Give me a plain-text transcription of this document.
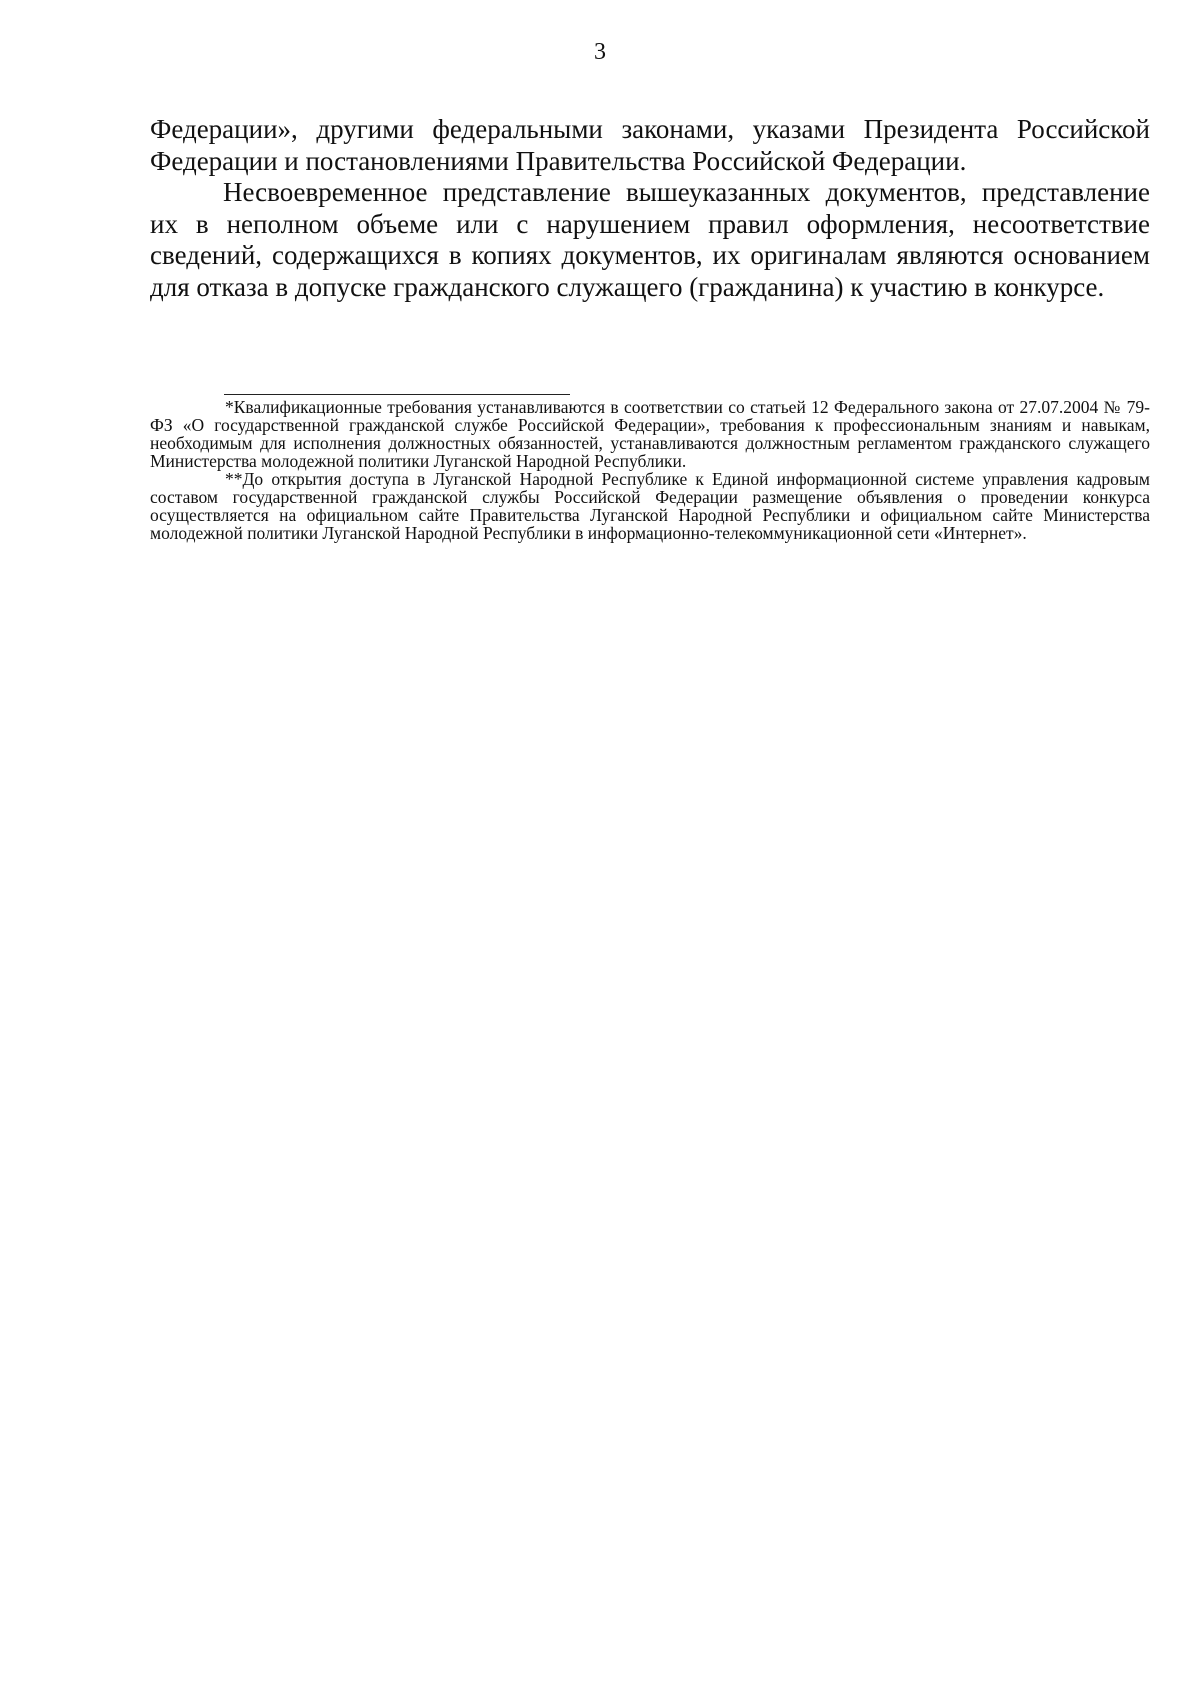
3

Федерации», другими федеральными законами, указами Президента Российской Федерации и постановлениями Правительства Российской Федерации.

Несвоевременное представление вышеуказанных документов, представление их в неполном объеме или с нарушением правил оформления, несоответствие сведений, содержащихся в копиях документов, их оригиналам являются основанием для отказа в допуске гражданского служащего (гражданина) к участию в конкурсе.

*Квалификационные требования устанавливаются в соответствии со статьей 12 Федерального закона от 27.07.2004 № 79-ФЗ «О государственной гражданской службе Российской Федерации», требования к профессиональным знаниям и навыкам, необходимым для исполнения должностных обязанностей, устанавливаются должностным регламентом гражданского служащего Министерства молодежной политики Луганской Народной Республики.

**До открытия доступа в Луганской Народной Республике к Единой информационной системе управления кадровым составом государственной гражданской службы Российской Федерации размещение объявления о проведении конкурса осуществляется на официальном сайте Правительства Луганской Народной Республики и официальном сайте Министерства молодежной политики Луганской Народной Республики в информационно-телекоммуникационной сети «Интернет».
